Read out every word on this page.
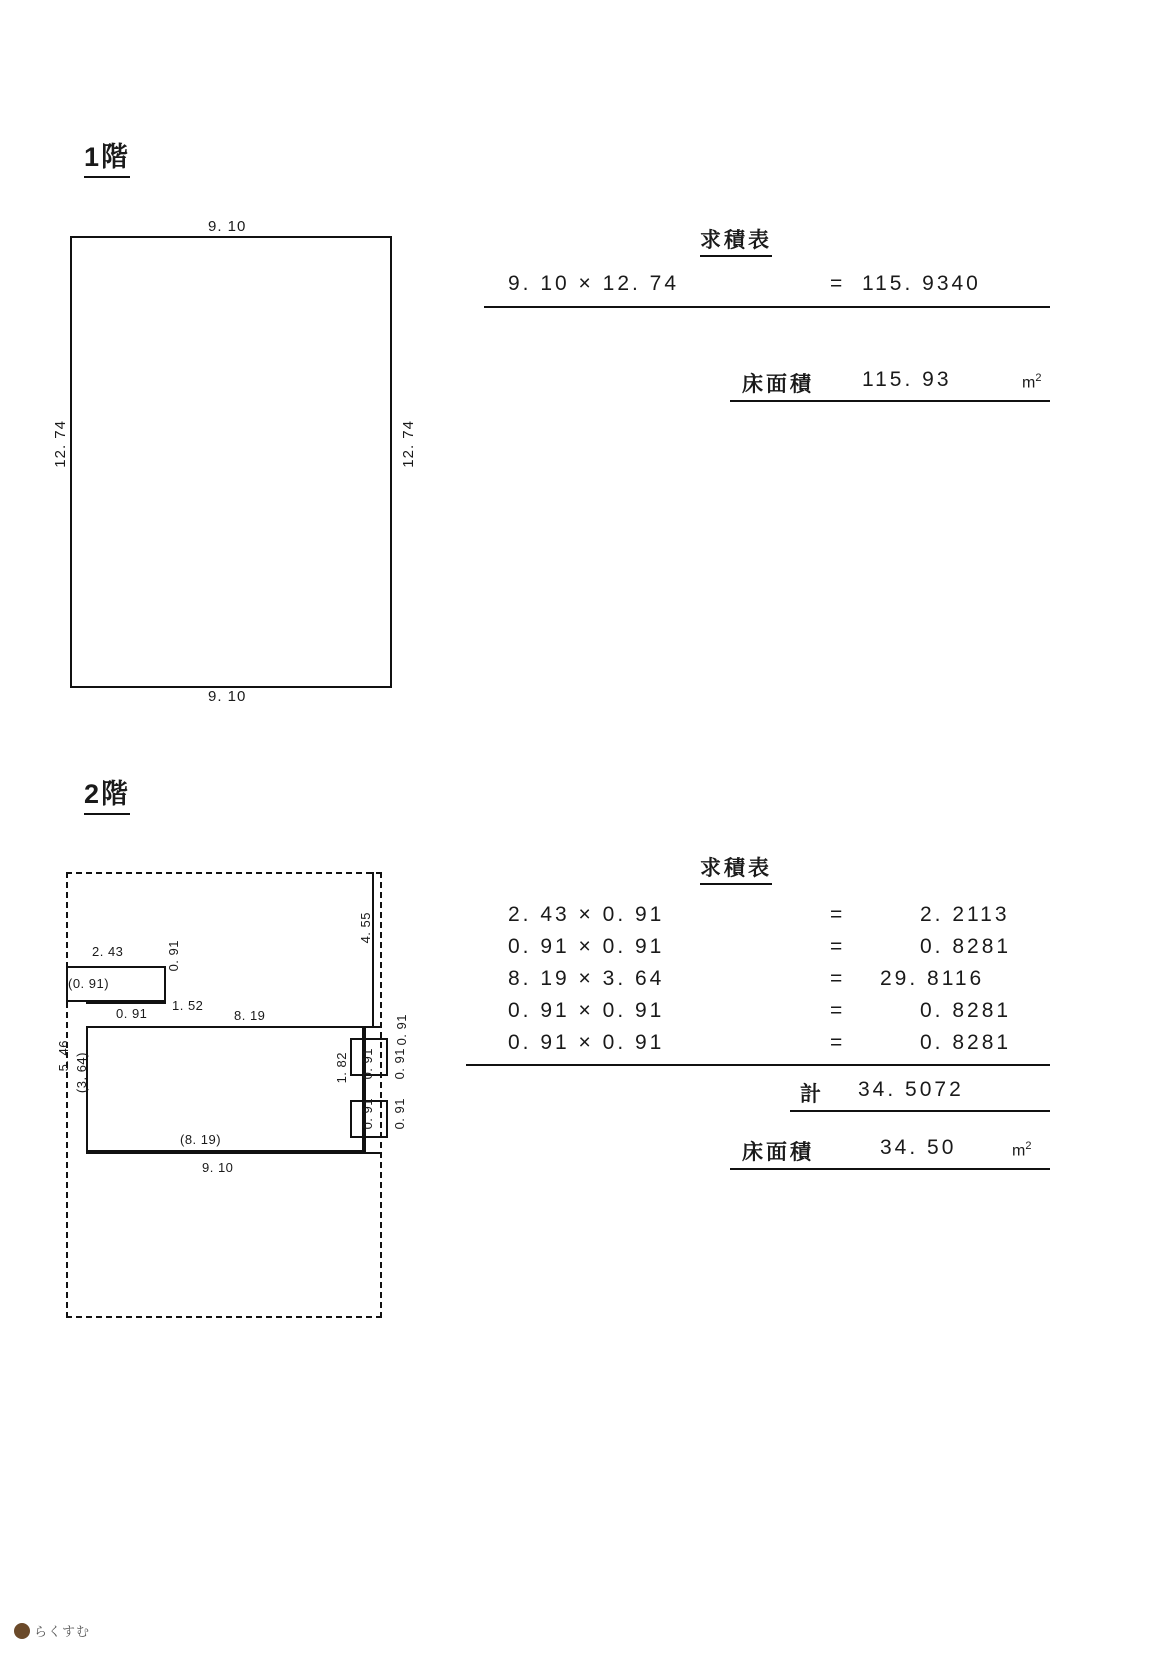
1階
9. 10
9. 10
12. 74	12. 74
求積表
9. 10 × 12. 74	= 115. 9340
床面積 115. 93	$m^2$
2階
2. 43
(0. 91)
0. 91
0. 91
1. 52
8. 19
4. 55
5. 46 (3. 64)	1. 82
0. 91
0. 91 0. 91
0. 91 0. 91
(8. 19)
9. 10
求積表
2. 43 × 0. 91	=	2. 2113
0. 91 × 0. 91	=	0. 8281
8. 19 × 3. 64	= 29. 8116
0. 91 × 0. 91	=	0. 8281
0. 91 × 0. 91	=	0. 8281
計 34. 5072
床面積	34. 50	$m^2$
らくすむ
